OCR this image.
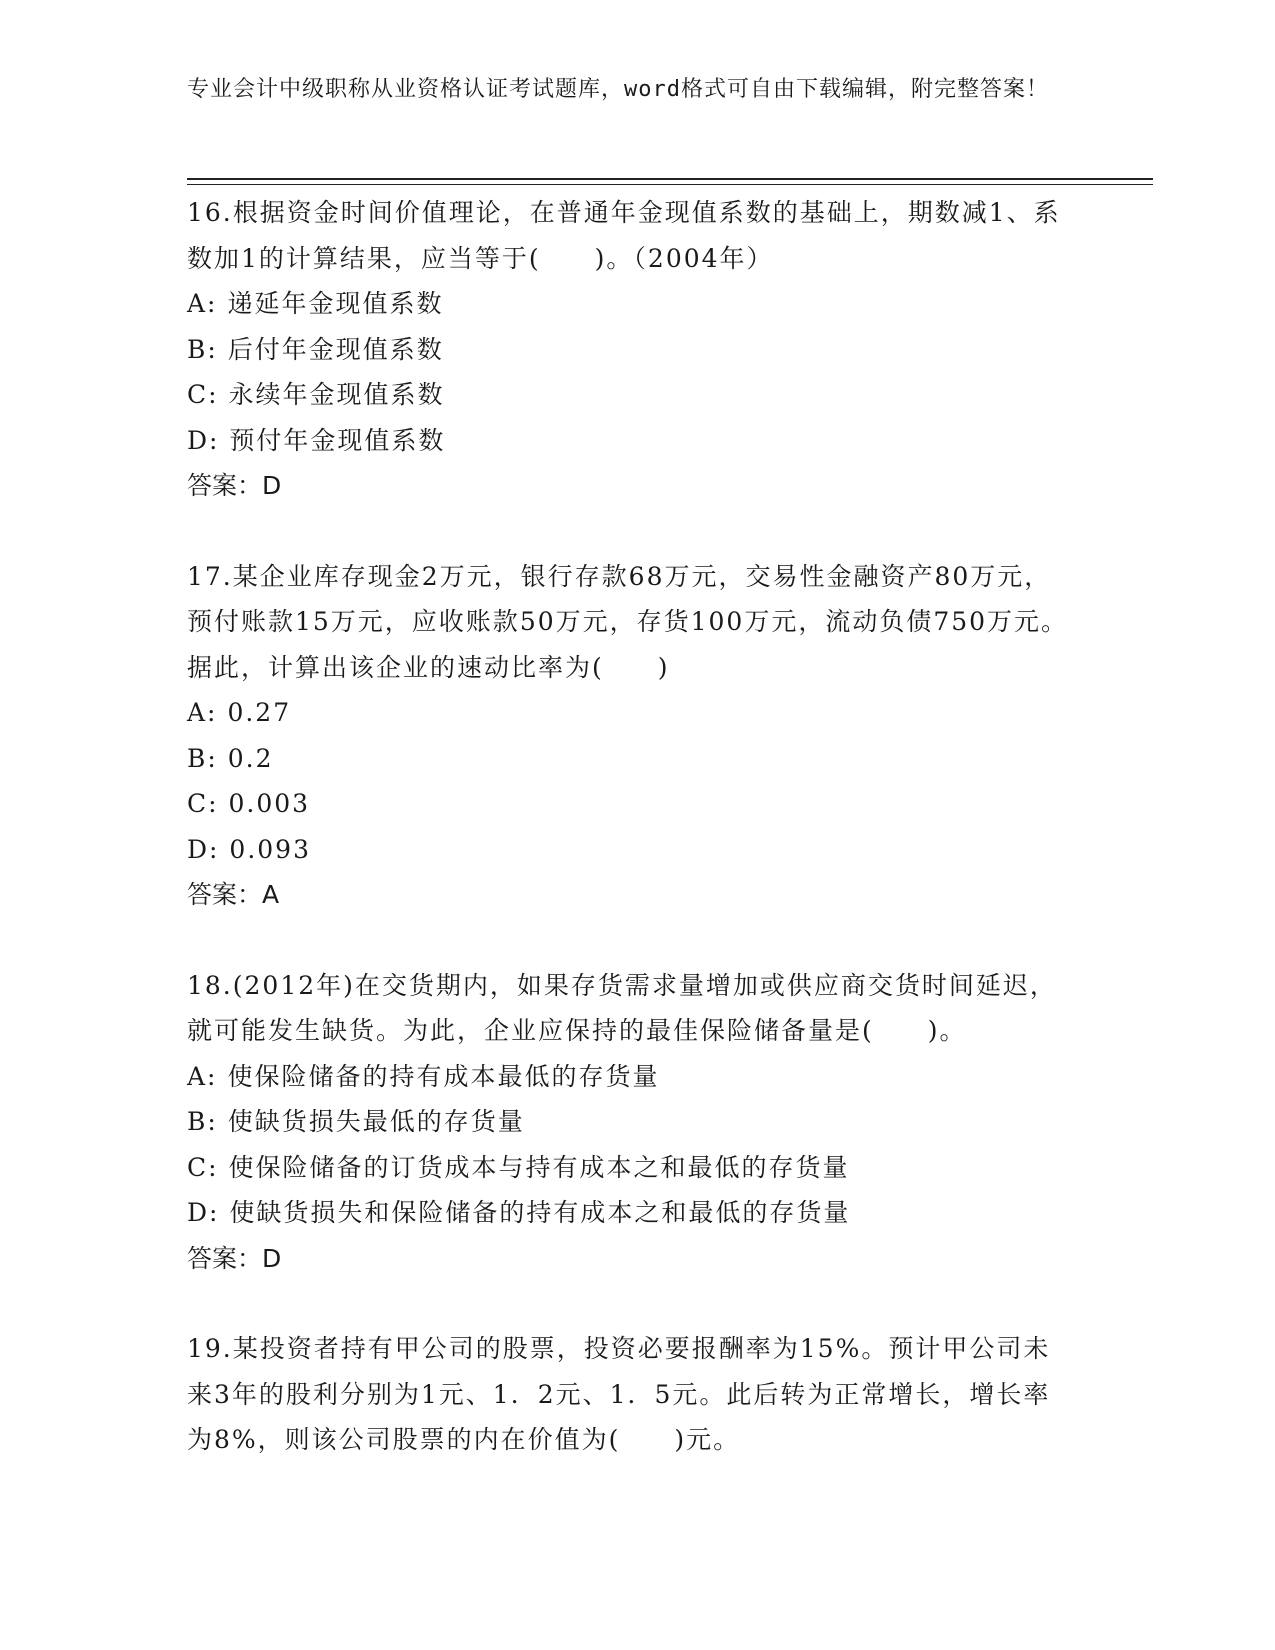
专业会计中级职称从业资格认证考试题库，word格式可自由下载编辑，附完整答案！

16.根据资金时间价值理论，在普通年金现值系数的基础上，期数减1、系数加1的计算结果，应当等于(　　)。（2004年）

A: 递延年金现值系数

B: 后付年金现值系数

C: 永续年金现值系数

D: 预付年金现值系数

答案：D

17.某企业库存现金2万元，银行存款68万元，交易性金融资产80万元，预付账款15万元，应收账款50万元，存货100万元，流动负债750万元。据此，计算出该企业的速动比率为(　　)

A: 0.27

B: 0.2

C: 0.003

D: 0.093

答案：A

18.(2012年)在交货期内，如果存货需求量增加或供应商交货时间延迟，就可能发生缺货。为此，企业应保持的最佳保险储备量是(　　)。

A: 使保险储备的持有成本最低的存货量

B: 使缺货损失最低的存货量

C: 使保险储备的订货成本与持有成本之和最低的存货量

D: 使缺货损失和保险储备的持有成本之和最低的存货量

答案：D

19.某投资者持有甲公司的股票，投资必要报酬率为15%。预计甲公司未来3年的股利分别为1元、1．2元、1．5元。此后转为正常增长，增长率为8%，则该公司股票的内在价值为(　　)元。
